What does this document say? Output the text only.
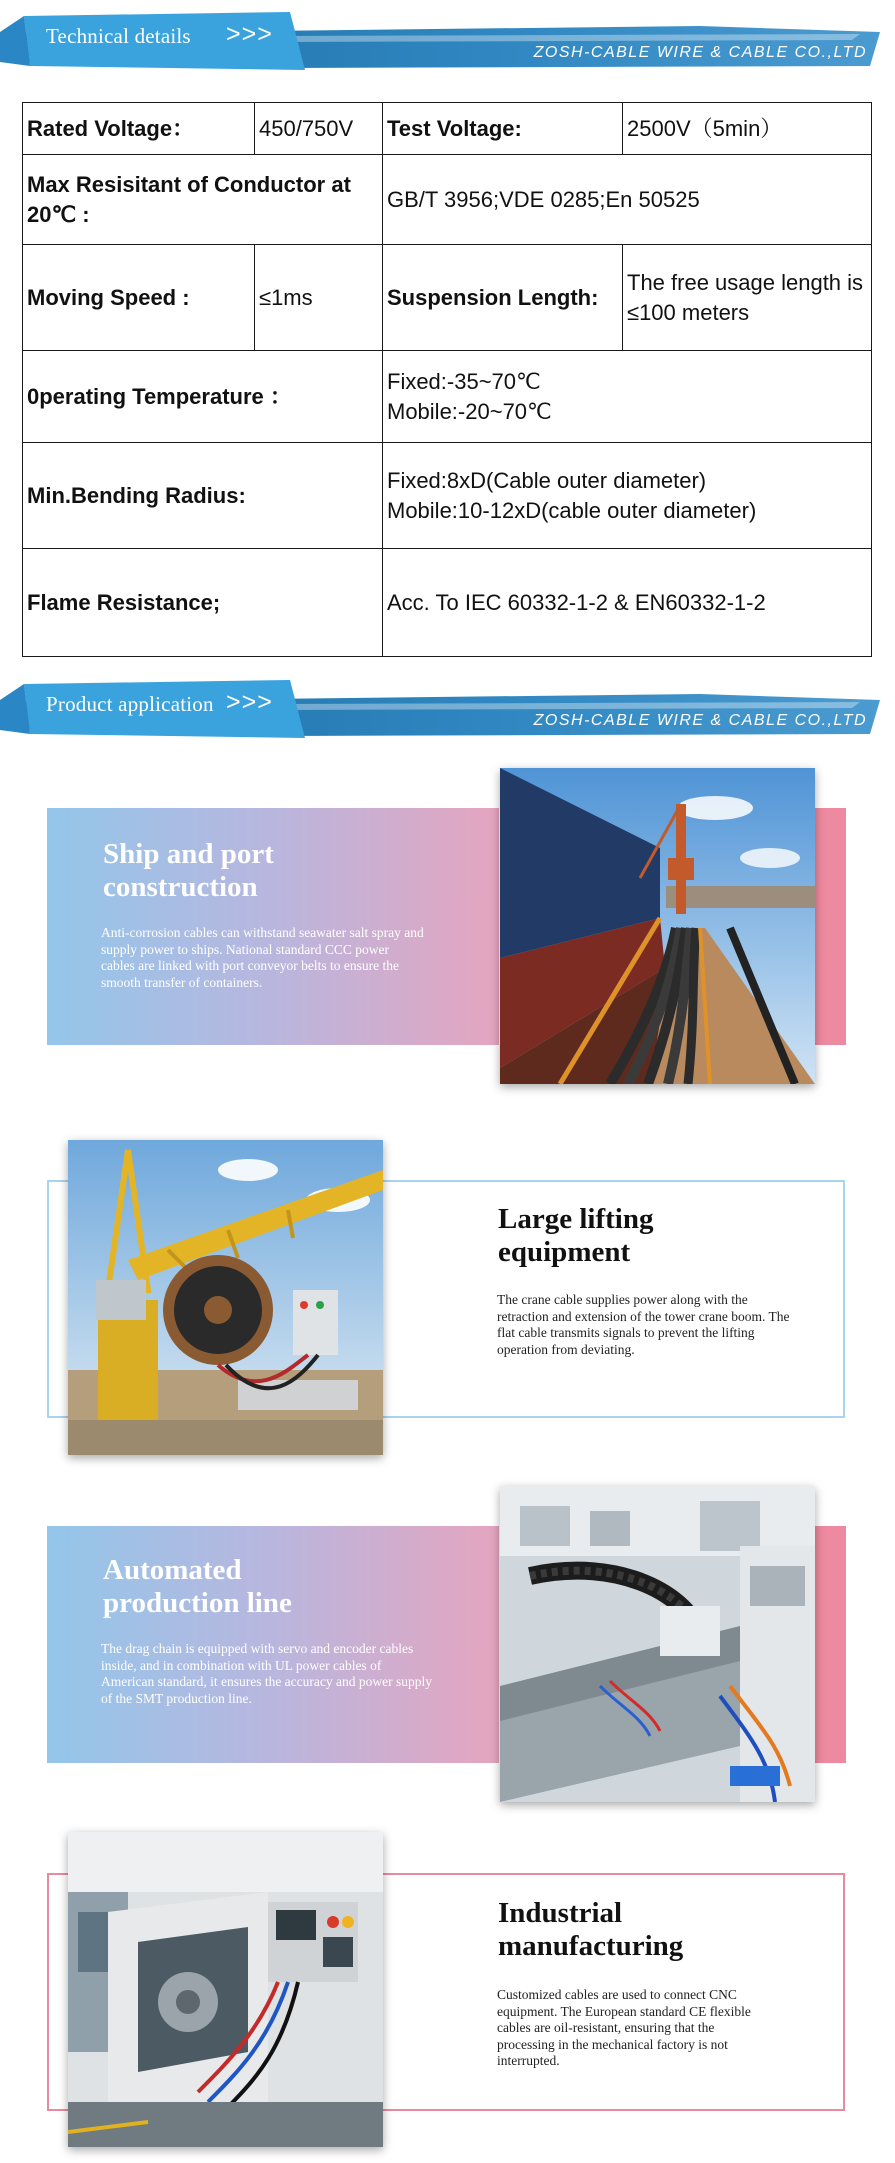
Technical details >>>
ZOSH-CABLE WIRE & CABLE CO.,LTD
Rated Voltage：	450/750V	Test Voltage:	2500V（5min）
Max Resisitant of Conductor at 20℃ :		GB/T 3956;VDE 0285;En 50525	
Moving Speed :	≤1ms	Suspension Length:	The free usage length is ≤100 meters
0perating Temperature ：		Fixed:-35~70℃
Mobile:-20~70℃	

Min.Bending Radius:		Fixed:8xD(Cable outer diameter)
Mobile:10-12xD(cable outer diameter)	

Flame Resistance;		Acc. To IEC 60332-1-2 & EN60332-1-2	
Product application >>>
ZOSH-CABLE WIRE & CABLE CO.,LTD
Ship and port
construction
Anti-corrosion cables can withstand seawater salt spray and supply power to ships. National standard CCC power cables are linked with port conveyor belts to ensure the smooth transfer of containers.
Large lifting
equipment
The crane cable supplies power along with the retraction and extension of the tower crane boom. The flat cable transmits signals to prevent the lifting operation from deviating.
Automated
production line
The drag chain is equipped with servo and encoder cables inside, and in combination with UL power cables of American standard, it ensures the accuracy and power supply of the SMT production line.
Industrial
manufacturing
Customized cables are used to connect CNC equipment. The European standard CE flexible cables are oil-resistant, ensuring that the processing in the mechanical factory is not interrupted.
